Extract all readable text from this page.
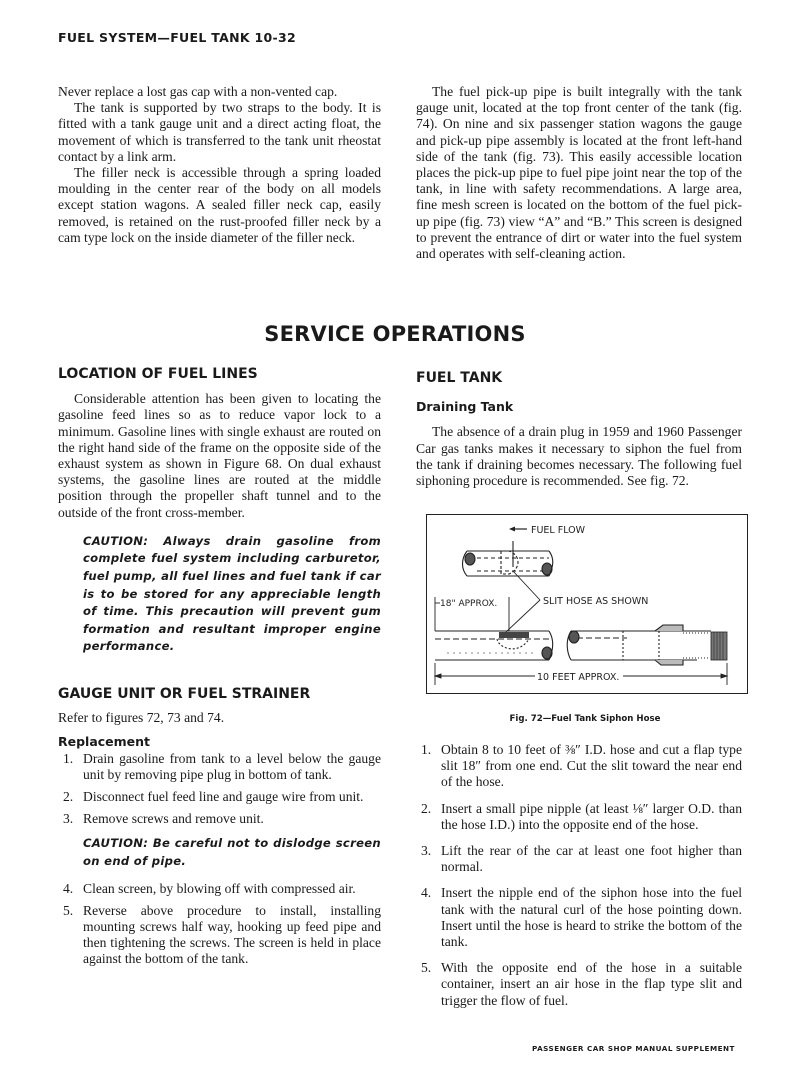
FUEL SYSTEM—FUEL TANK 10-32

Never replace a lost gas cap with a non-vented cap.

The tank is supported by two straps to the body. It is fitted with a tank gauge unit and a direct acting float, the movement of which is transferred to the tank unit rheostat contact by a link arm.

The filler neck is accessible through a spring loaded moulding in the center rear of the body on all models except station wagons. A sealed filler neck cap, easily removed, is retained on the rust-proofed filler neck by a cam type lock on the inside diameter of the filler neck.

The fuel pick-up pipe is built integrally with the tank gauge unit, located at the top front center of the tank (fig. 74). On nine and six passenger station wagons the gauge and pick-up pipe assembly is located at the front left-hand side of the tank (fig. 73). This easily accessible location places the pick-up pipe to fuel pipe joint near the top of the tank, in line with safety recommendations. A large area, fine mesh screen is located on the bottom of the fuel pick-up pipe (fig. 73) view “A” and “B.” This screen is designed to prevent the entrance of dirt or water into the fuel system and operates with self-cleaning action.

SERVICE OPERATIONS
LOCATION OF FUEL LINES

Considerable attention has been given to locating the gasoline feed lines so as to reduce vapor lock to a minimum. Gasoline lines with single exhaust are routed on the right hand side of the frame on the opposite side of the exhaust system as shown in Figure 68. On dual exhaust systems, the gasoline lines are routed at the middle position through the propeller shaft tunnel and to the outside of the front cross-member.

CAUTION: Always drain gasoline from complete fuel system including carburetor, fuel pump, all fuel lines and fuel tank if car is to be stored for any appreciable length of time. This precaution will prevent gum formation and resultant improper engine performance.
GAUGE UNIT OR FUEL STRAINER

Refer to figures 72, 73 and 74.

Replacement
1. Drain gasoline from tank to a level below the gauge unit by removing pipe plug in bottom of tank.
2. Disconnect fuel feed line and gauge wire from unit.
3. Remove screws and remove unit.
CAUTION: Be careful not to dislodge screen on end of pipe.
4. Clean screen, by blowing off with compressed air.
5. Reverse above procedure to install, installing mounting screws half way, hooking up feed pipe and then tightening the screws. The screen is held in place against the bottom of the tank.
FUEL TANK
Draining Tank

The absence of a drain plug in 1959 and 1960 Passenger Car gas tanks makes it necessary to siphon the fuel from the tank if draining becomes necessary. The following fuel siphoning procedure is recommended. See fig. 72.

FUEL FLOW
SLIT HOSE AS SHOWN
18" APPROX.
10 FEET APPROX.
Fig. 72—Fuel Tank Siphon Hose
1. Obtain 8 to 10 feet of ⅜″ I.D. hose and cut a flap type slit 18″ from one end. Cut the slit toward the near end of the hose.
2. Insert a small pipe nipple (at least ⅛″ larger O.D. than the hose I.D.) into the opposite end of the hose.
3. Lift the rear of the car at least one foot higher than normal.
4. Insert the nipple end of the siphon hose into the fuel tank with the natural curl of the hose pointing down. Insert until the hose is heard to strike the bottom of the tank.
5. With the opposite end of the hose in a suitable container, insert an air hose in the flap type slit and trigger the flow of fuel.
PASSENGER CAR SHOP MANUAL SUPPLEMENT
